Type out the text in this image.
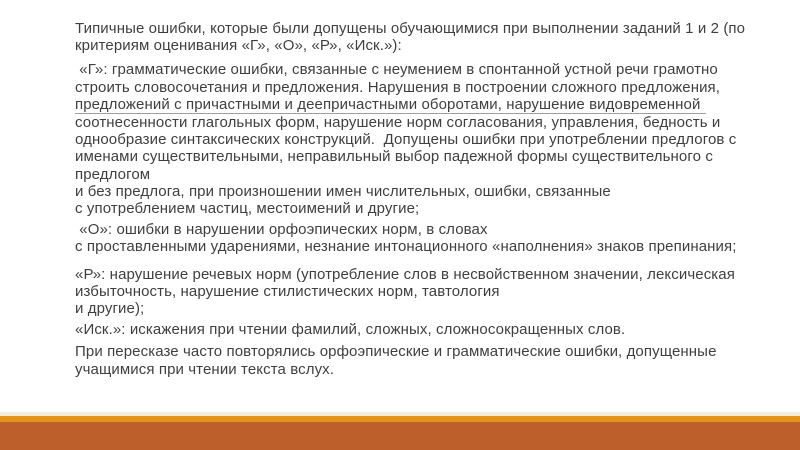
Типичные ошибки, которые были допущены обучающимися при выполнении заданий 1 и 2 (по
критериям оценивания «Г», «О», «Р», «Иск.»):
«Г»: грамматические ошибки, связанные с неумением в спонтанной устной речи грамотно
строить словосочетания и предложения. Нарушения в построении сложного предложения,
предложений с причастными и деепричастными оборотами, нарушение видовременной
соотнесенности глагольных форм, нарушение норм согласования, управления, бедность и
однообразие синтаксических конструкций.  Допущены ошибки при употреблении предлогов с
именами существительными, неправильный выбор падежной формы существительного с
предлогом
и без предлога, при произношении имен числительных, ошибки, связанные
с употреблением частиц, местоимений и другие;
«О»: ошибки в нарушении орфоэпических норм, в словах
с проставленными ударениями, незнание интонационного «наполнения» знаков препинания;
«Р»: нарушение речевых норм (употребление слов в несвойственном значении, лексическая
избыточность, нарушение стилистических норм, тавтология
и другие);
«Иск.»: искажения при чтении фамилий, сложных, сложносокращенных слов.
При пересказе часто повторялись орфоэпические и грамматические ошибки, допущенные
учащимися при чтении текста вслух.
